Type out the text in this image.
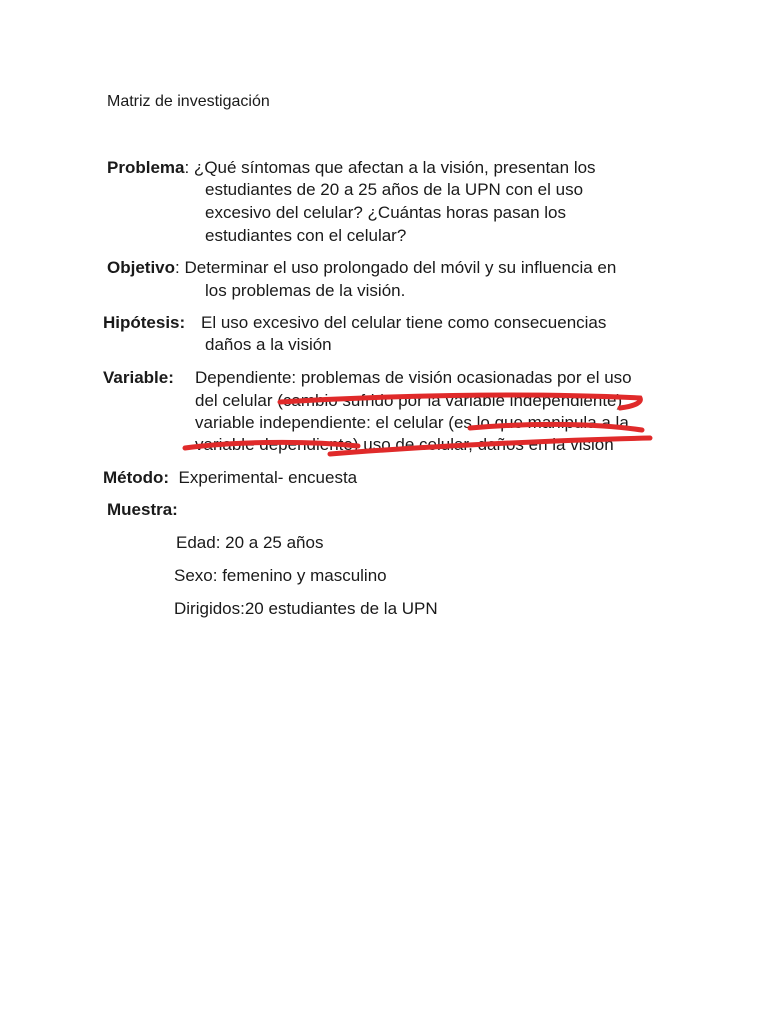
Matriz de investigación
Problema: ¿Qué síntomas que afectan a la visión, presentan los
estudiantes de 20 a 25 años de la UPN con el uso
excesivo del celular? ¿Cuántas horas pasan los
estudiantes con el celular?
Objetivo: Determinar el uso prolongado del móvil y su influencia en
los problemas de la visión.
Hipótesis: El uso excesivo del celular tiene como consecuencias
daños a la visión
Variable: Dependiente: problemas de visión ocasionadas por el uso
del celular (cambio sufrido por la variable independiente)
variable independiente: el celular (es lo que manipula a la
variable dependiente) uso de celular, daños en la visión
Método: Experimental- encuesta
Muestra:
Edad: 20 a 25 años
Sexo: femenino y masculino
Dirigidos:20 estudiantes de la UPN
